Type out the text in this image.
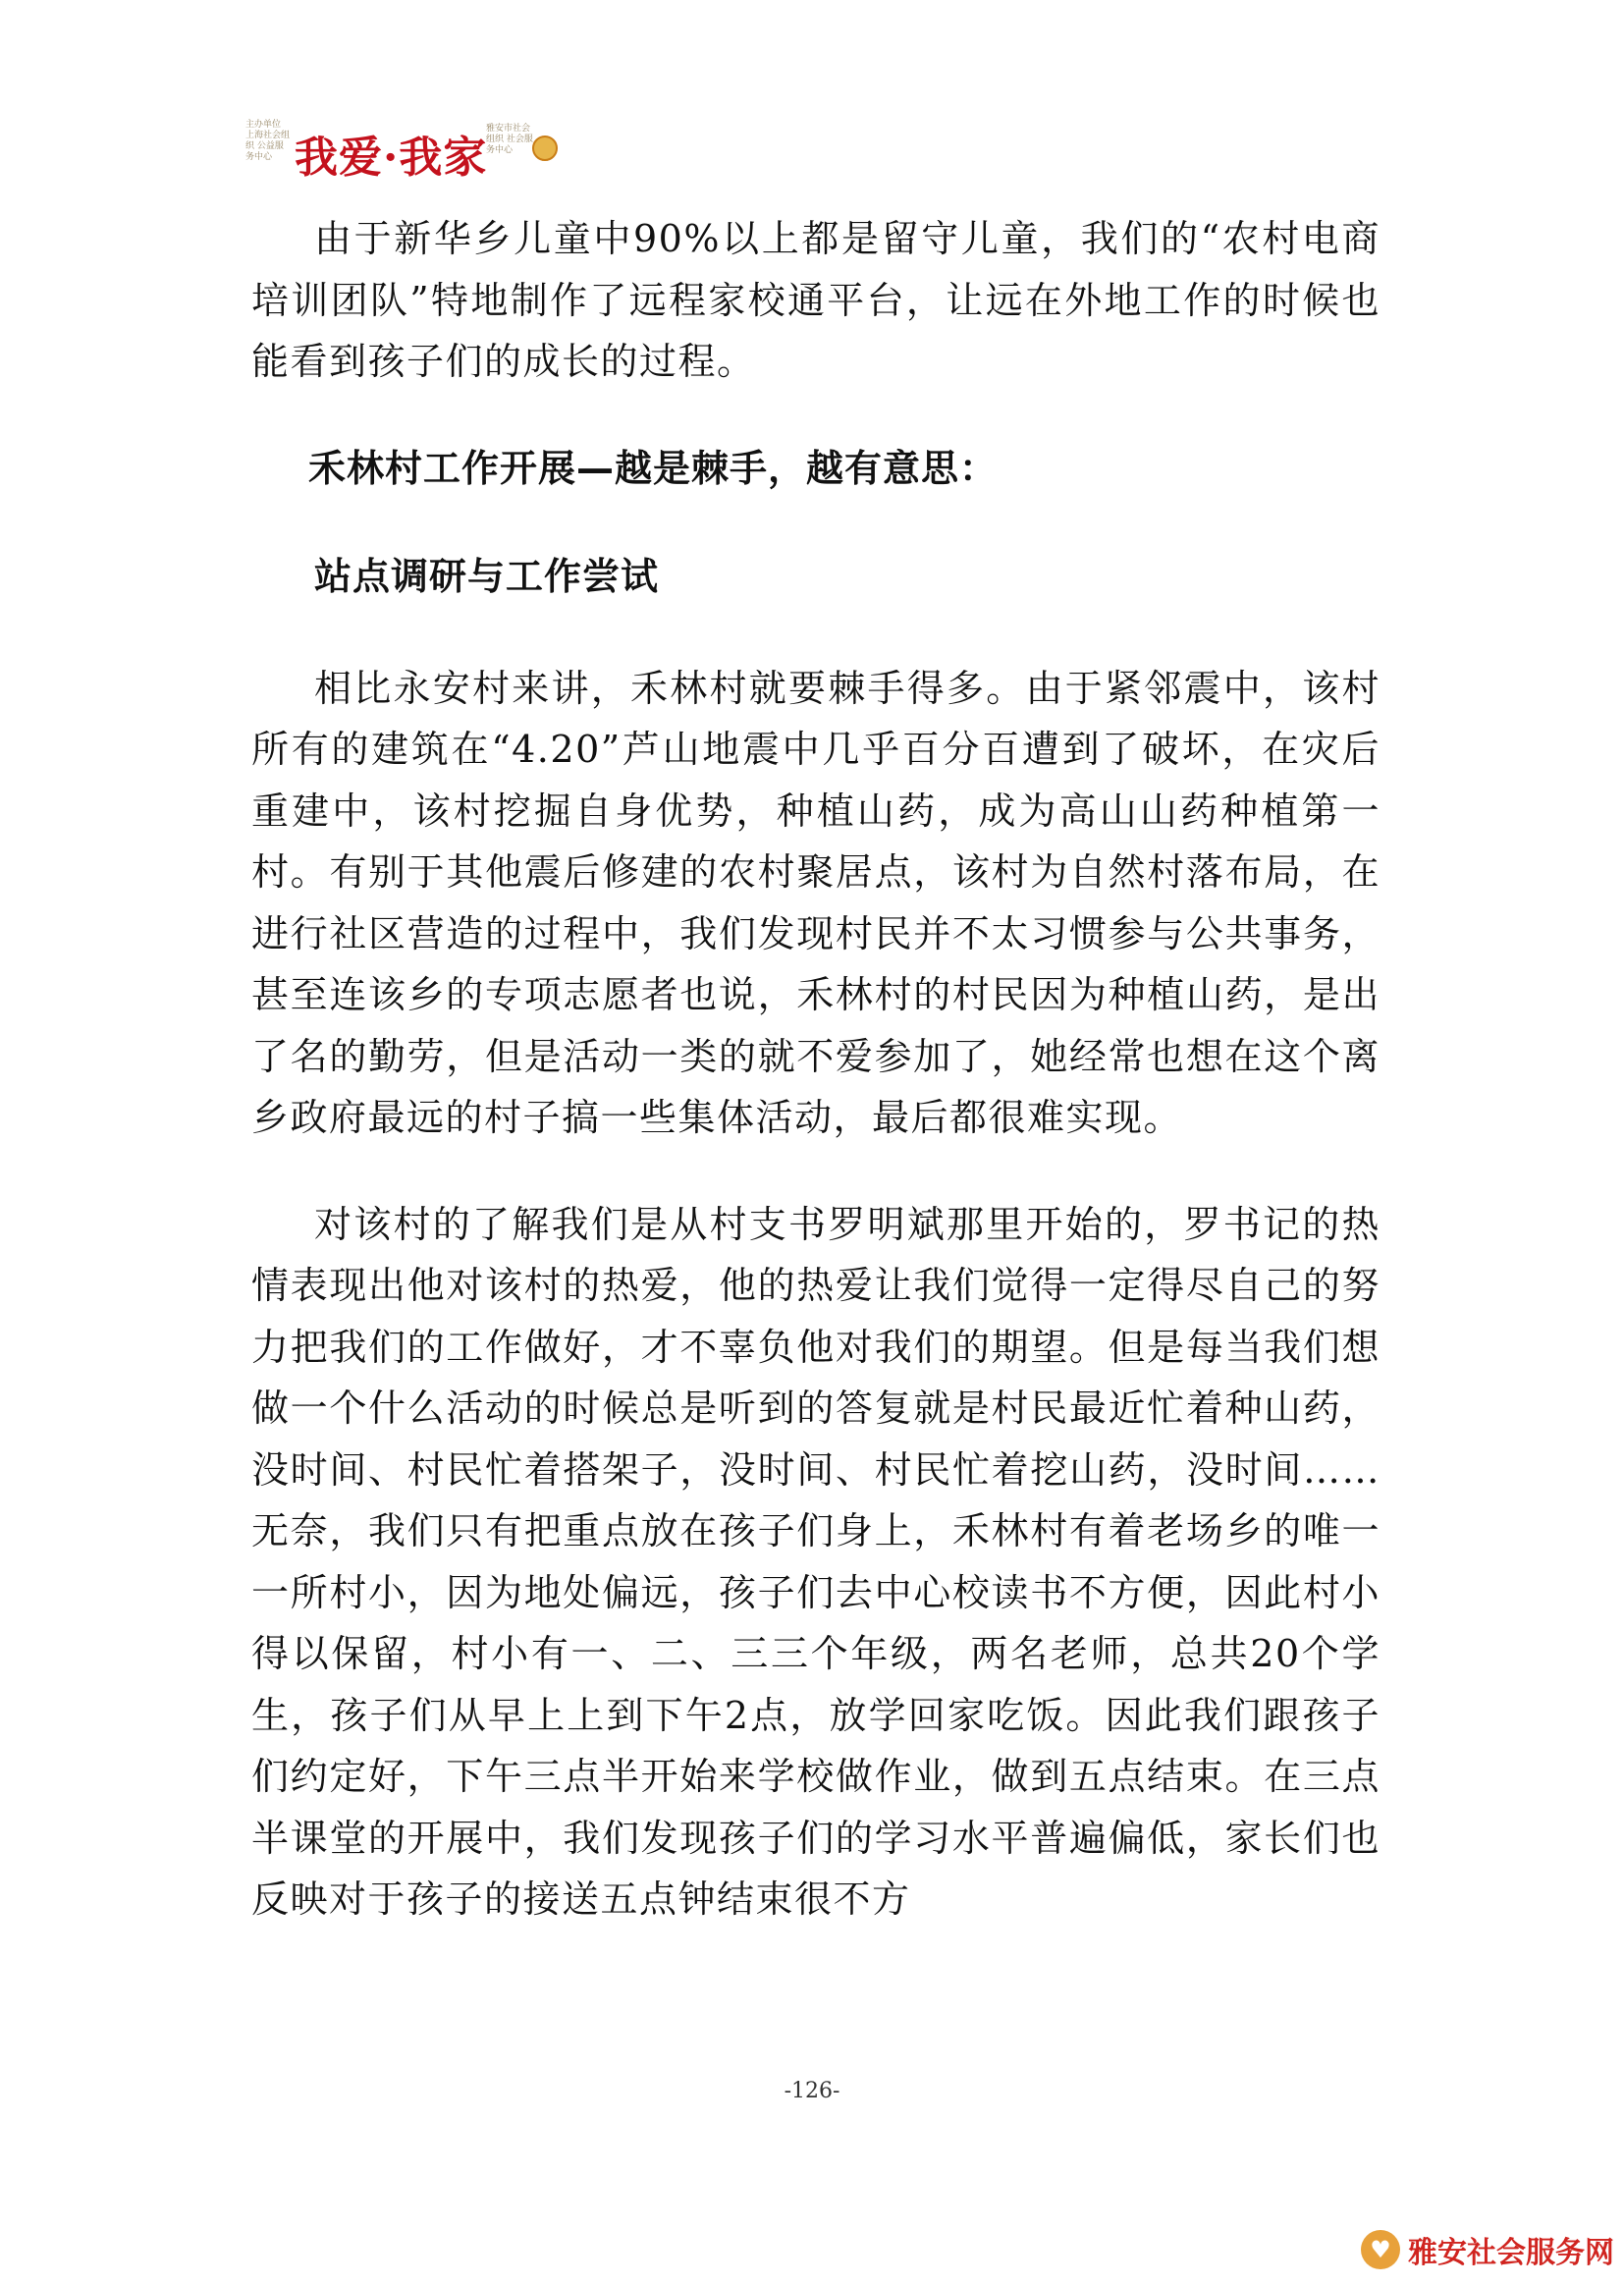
主办单位 上海社会组织 公益服务中心 我爱·我家
雅安市社会组织 社会服务中心

由于新华乡儿童中90%以上都是留守儿童，我们的“农村电商培训团队”特地制作了远程家校通平台，让远在外地工作的时候也能看到孩子们的成长的过程。

禾林村工作开展—越是棘手，越有意思：
站点调研与工作尝试

相比永安村来讲，禾林村就要棘手得多。由于紧邻震中，该村所有的建筑在“4.20”芦山地震中几乎百分百遭到了破坏，在灾后重建中，该村挖掘自身优势，种植山药，成为高山山药种植第一村。有别于其他震后修建的农村聚居点，该村为自然村落布局，在进行社区营造的过程中，我们发现村民并不太习惯参与公共事务，甚至连该乡的专项志愿者也说，禾林村的村民因为种植山药，是出了名的勤劳，但是活动一类的就不爱参加了，她经常也想在这个离乡政府最远的村子搞一些集体活动，最后都很难实现。

对该村的了解我们是从村支书罗明斌那里开始的，罗书记的热情表现出他对该村的热爱，他的热爱让我们觉得一定得尽自己的努力把我们的工作做好，才不辜负他对我们的期望。但是每当我们想做一个什么活动的时候总是听到的答复就是村民最近忙着种山药，没时间、村民忙着搭架子，没时间、村民忙着挖山药，没时间……无奈，我们只有把重点放在孩子们身上，禾林村有着老场乡的唯一一所村小，因为地处偏远，孩子们去中心校读书不方便，因此村小得以保留，村小有一、二、三三个年级，两名老师，总共20个学生，孩子们从早上上到下午2点，放学回家吃饭。因此我们跟孩子们约定好，下午三点半开始来学校做作业，做到五点结束。在三点半课堂的开展中，我们发现孩子们的学习水平普遍偏低，家长们也反映对于孩子的接送五点钟结束很不方

-126-
♥ 雅安社会服务网
